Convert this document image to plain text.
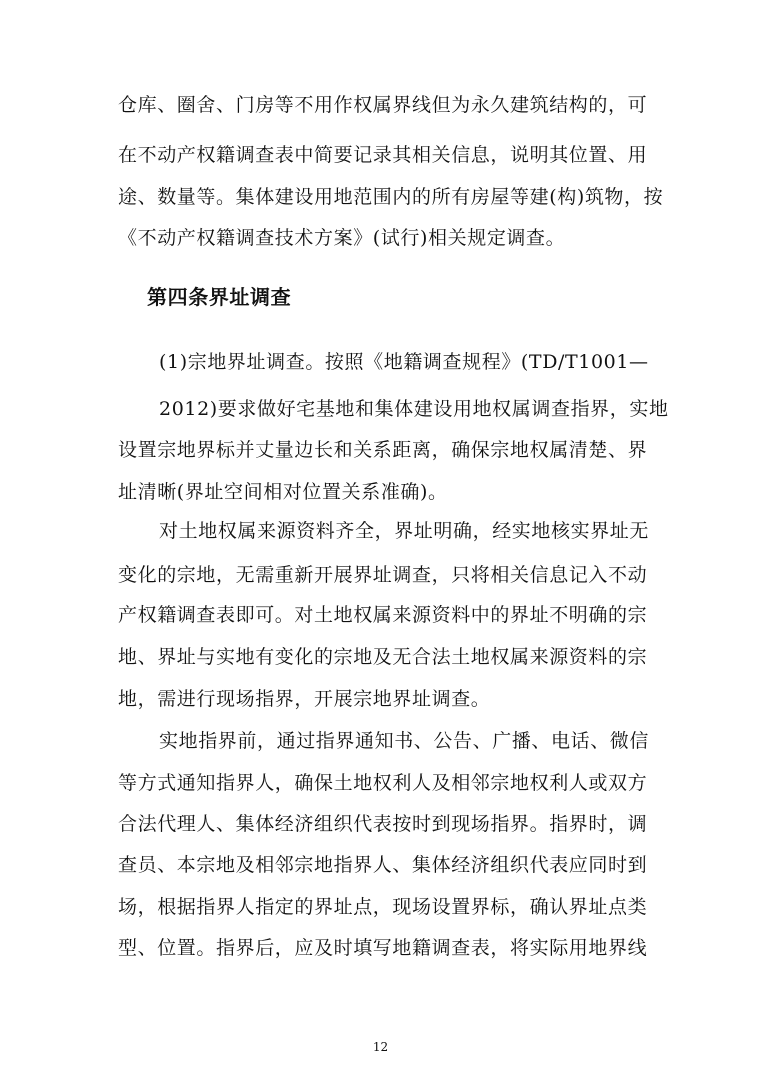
仓库、圈舍、门房等不用作权属界线但为永久建筑结构的，可
在不动产权籍调查表中简要记录其相关信息，说明其位置、用
途、数量等。集体建设用地范围内的所有房屋等建(构)筑物，按
《不动产权籍调查技术方案》(试行)相关规定调查。
第四条界址调查
(1)宗地界址调查。按照《地籍调查规程》(TD/T1001—
2012)要求做好宅基地和集体建设用地权属调查指界，实地
设置宗地界标并丈量边长和关系距离，确保宗地权属清楚、界
址清晰(界址空间相对位置关系准确)。
对土地权属来源资料齐全，界址明确，经实地核实界址无
变化的宗地，无需重新开展界址调查，只将相关信息记入不动
产权籍调查表即可。对土地权属来源资料中的界址不明确的宗
地、界址与实地有变化的宗地及无合法土地权属来源资料的宗
地，需进行现场指界，开展宗地界址调查。
实地指界前，通过指界通知书、公告、广播、电话、微信
等方式通知指界人，确保土地权利人及相邻宗地权利人或双方
合法代理人、集体经济组织代表按时到现场指界。指界时，调
查员、本宗地及相邻宗地指界人、集体经济组织代表应同时到
场，根据指界人指定的界址点，现场设置界标，确认界址点类
型、位置。指界后，应及时填写地籍调查表，将实际用地界线
12
